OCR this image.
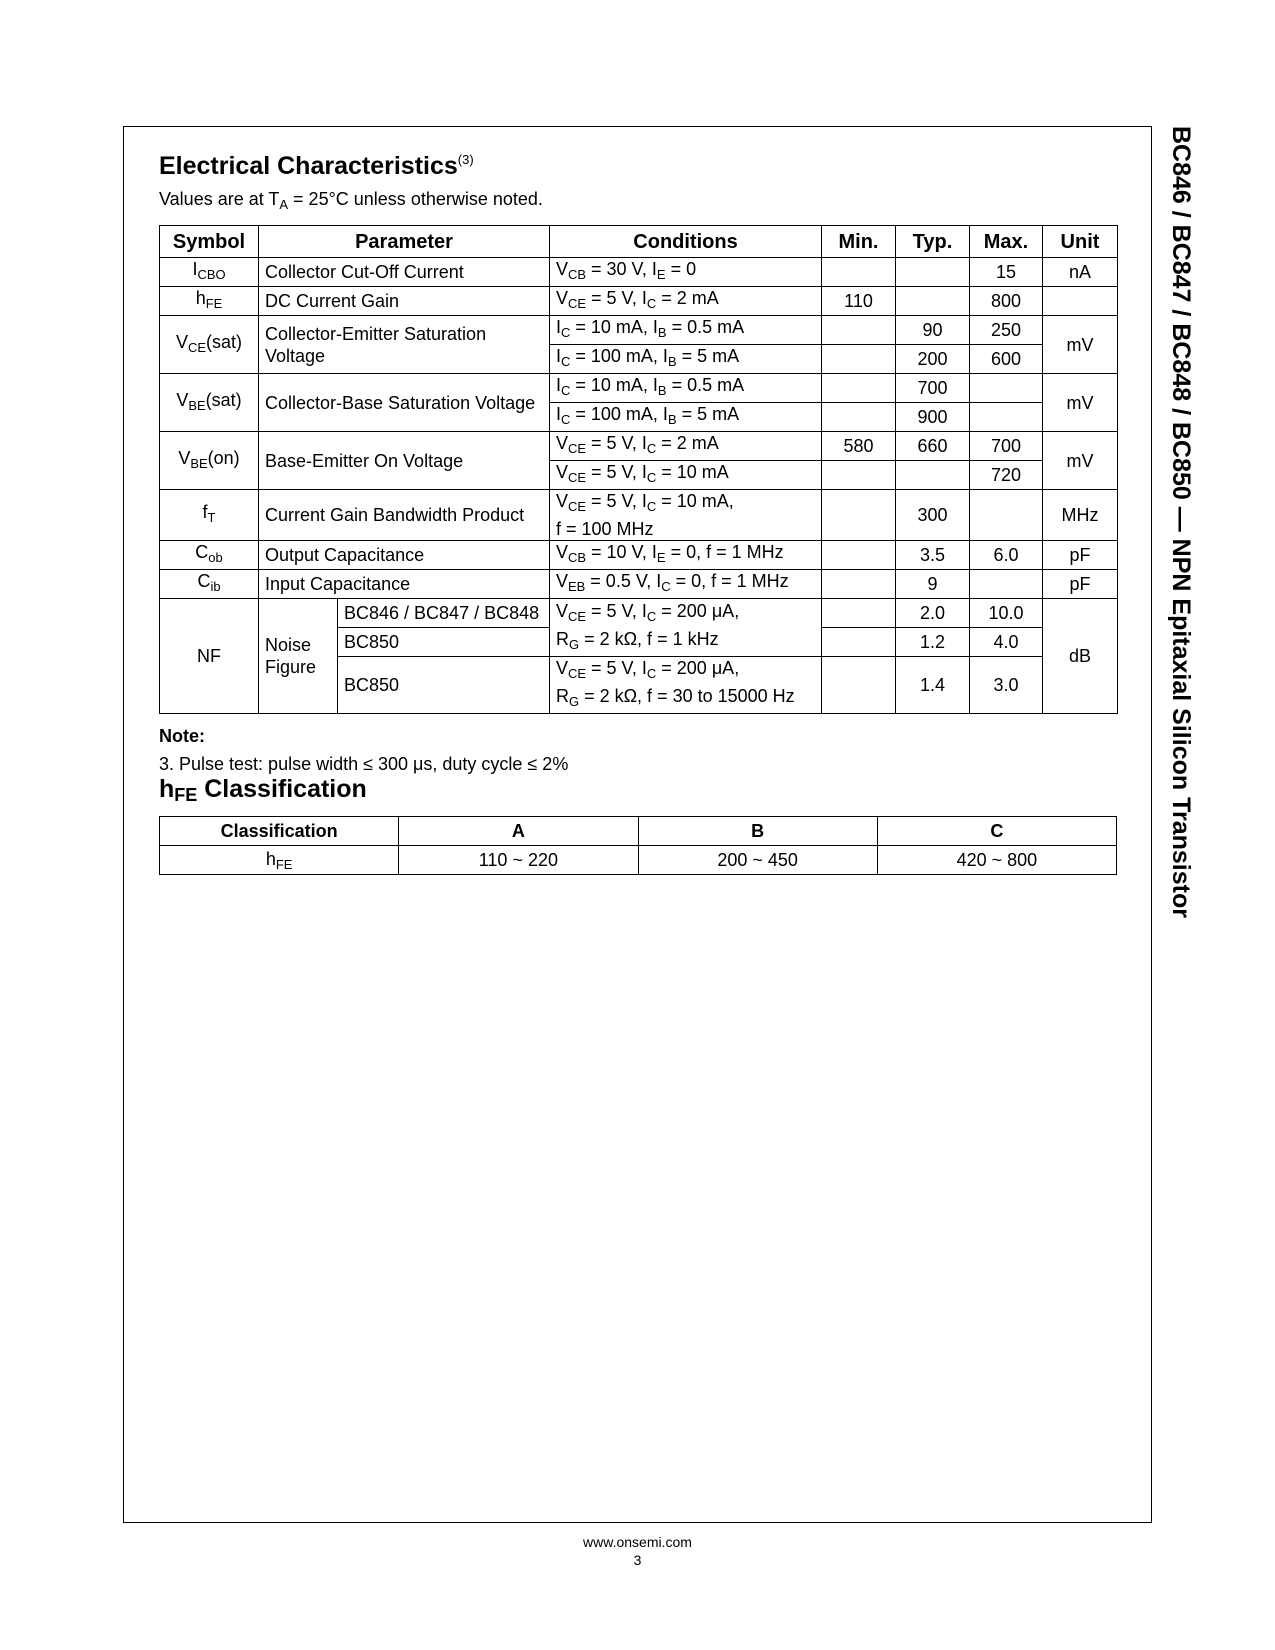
BC846 / BC847 / BC848 / BC850 — NPN Epitaxial Silicon Transistor
Electrical Characteristics$^{(3)}$
Values are at $T_A = 25^\circ C$ unless otherwise noted.
Symbol	Parameter		Conditions	Min.	Typ.	Max.	Unit
$I_{CBO}$	Collector Cut-Off Current		$V_{CB} = 30$ V, $I_E = 0$			15	nA
$h_{FE}$	DC Current Gain		$V_{CE} = 5$ V, $I_C = 2$ mA	110		800	
$V_{CE}(sat)$	Collector-Emitter Saturation Voltage		$I_C = 10$ mA, $I_B = 0.5$ mA		90	250	mV
			$I_C = 100$ mA, $I_B = 5$ mA		200	600	
$V_{BE}(sat)$	Collector-Base Saturation Voltage		$I_C = 10$ mA, $I_B = 0.5$ mA		700		mV
			$I_C = 100$ mA, $I_B = 5$ mA		900		
$V_{BE}(on)$	Base-Emitter On Voltage		$V_{CE} = 5$ V, $I_C = 2$ mA	580	660	700	mV
			$V_{CE} = 5$ V, $I_C = 10$ mA			720	
$f_T$	Current Gain Bandwidth Product		$V_{CE} = 5$ V, $I_C = 10$ mA,
f = 100 MHz		300		MHz
$C_{ob}$	Output Capacitance		$V_{CB} = 10$ V, $I_E = 0$, f = 1 MHz		3.5	6.0	pF
$C_{ib}$	Input Capacitance		$V_{EB} = 0.5$ V, $I_C = 0$, f = 1 MHz		9		pF
NF	Noise Figure	BC846 / BC847 / BC848	$V_{CE} = 5$ V, $I_C = 200$ μA,
$R_G = 2$ kΩ, f = 1 kHz		2.0	10.0	dB
		BC850			1.2	4.0	
		BC850	$V_{CE} = 5$ V, $I_C = 200$ μA,
$R_G = 2$ kΩ, f = 30 to 15000 Hz		1.4	3.0	
Note:
3. Pulse test: pulse width ≤ 300 μs, duty cycle ≤ 2%
$h_{FE}$ Classification
Classification	A	B	C
$h_{FE}$	110 ~ 220	200 ~ 450	420 ~ 800
www.onsemi.com
3
